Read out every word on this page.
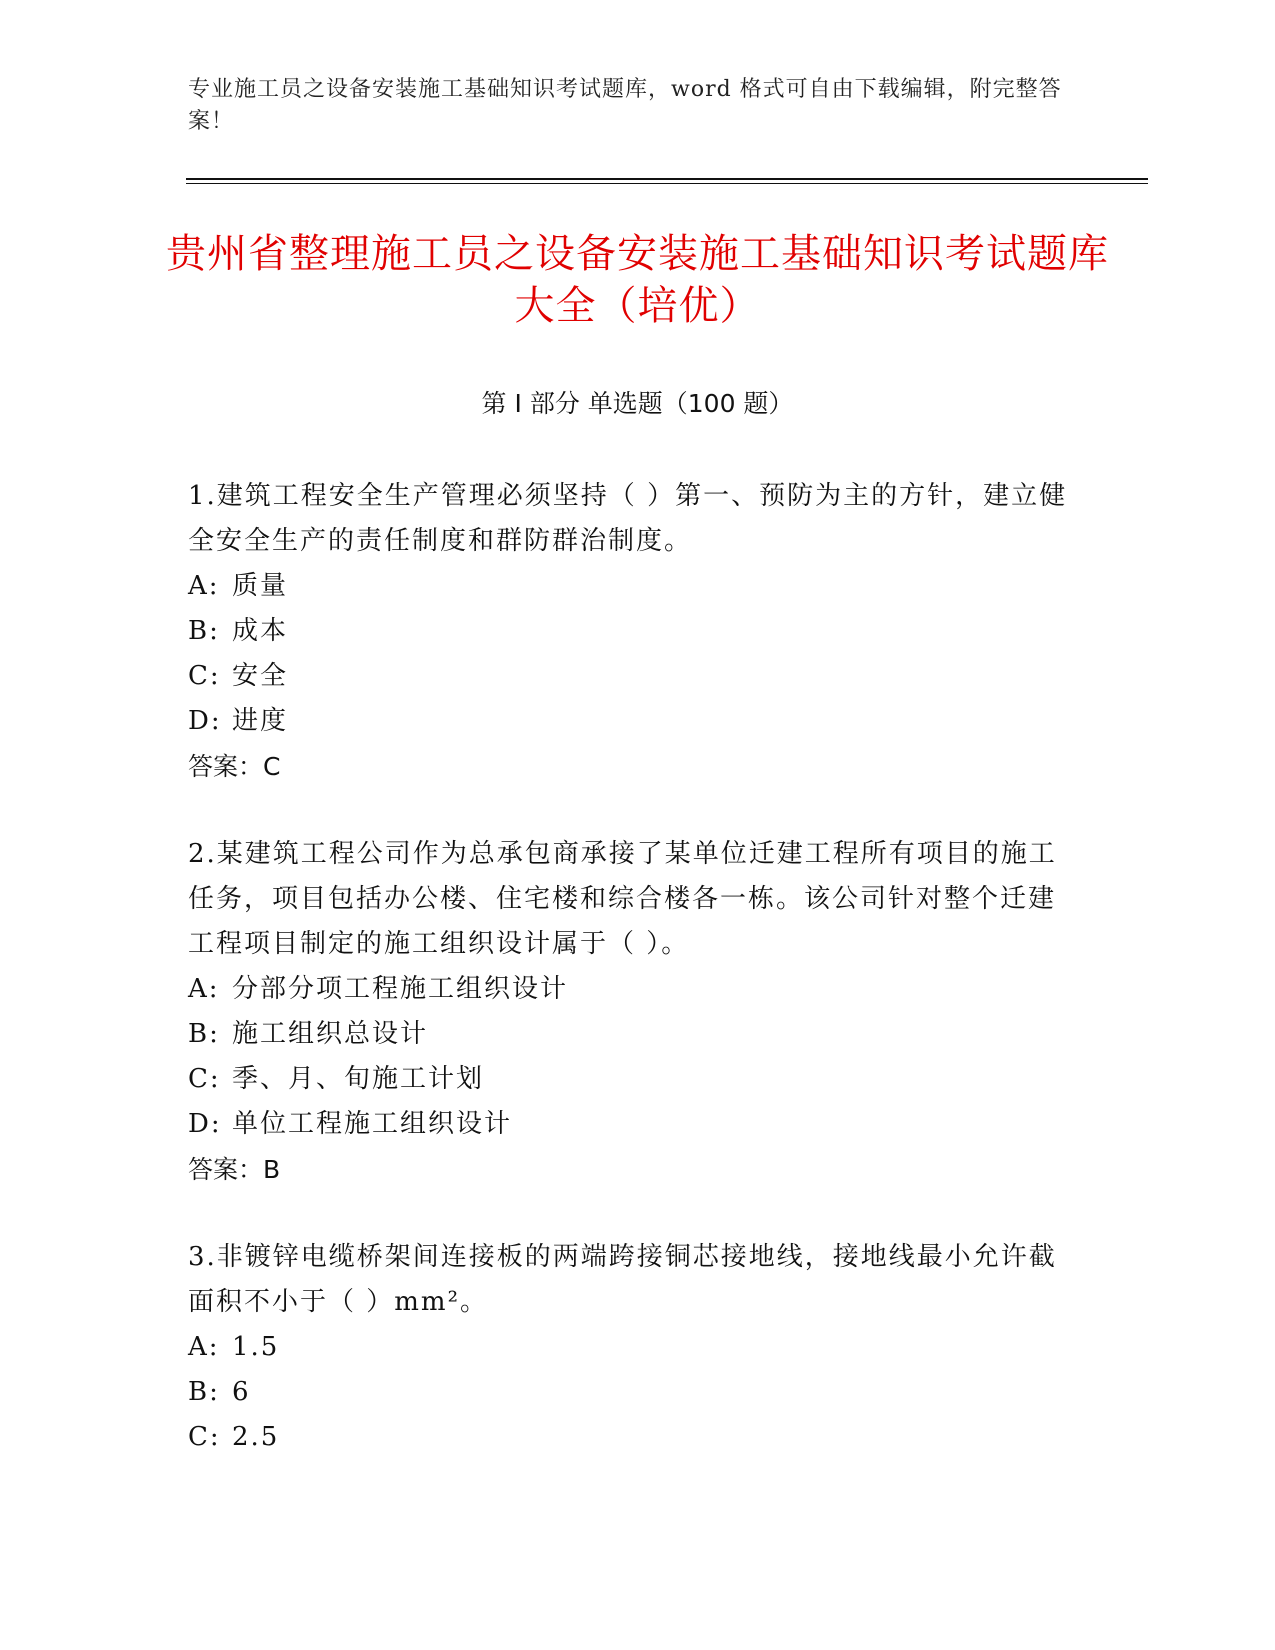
专业施工员之设备安装施工基础知识考试题库，word 格式可自由下载编辑，附完整答案！
贵州省整理施工员之设备安装施工基础知识考试题库大全（培优）
第 I 部分 单选题（100 题）

1.建筑工程安全生产管理必须坚持（ ）第一、预防为主的方针，建立健全安全生产的责任制度和群防群治制度。

A: 质量

B: 成本

C: 安全

D: 进度

答案：C

2.某建筑工程公司作为总承包商承接了某单位迁建工程所有项目的施工任务，项目包括办公楼、住宅楼和综合楼各一栋。该公司针对整个迁建工程项目制定的施工组织设计属于（ ）。

A: 分部分项工程施工组织设计

B: 施工组织总设计

C: 季、月、旬施工计划

D: 单位工程施工组织设计

答案：B

3.非镀锌电缆桥架间连接板的两端跨接铜芯接地线，接地线最小允许截面积不小于（ ）mm²。

A: 1.5

B: 6

C: 2.5
